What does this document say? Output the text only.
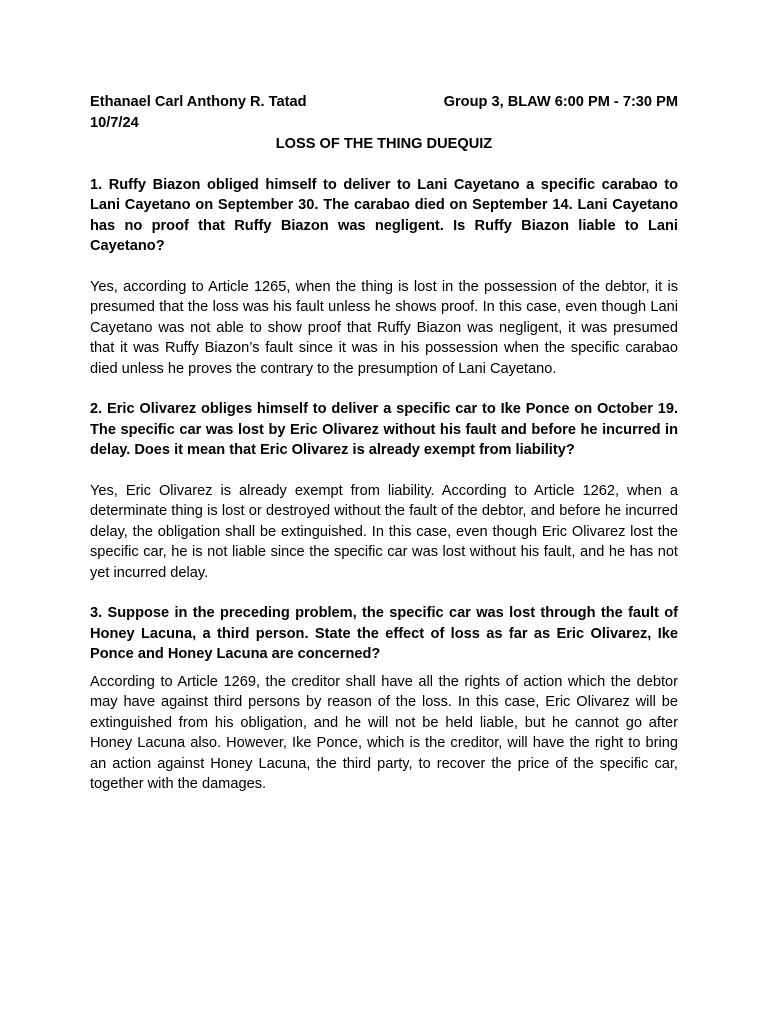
Ethanael Carl Anthony R. Tatad	Group 3, BLAW 6:00 PM - 7:30 PM
10/7/24
LOSS OF THE THING DUEQUIZ

1. Ruffy Biazon obliged himself to deliver to Lani Cayetano a specific carabao to Lani Cayetano on September 30. The carabao died on September 14. Lani Cayetano has no proof that Ruffy Biazon was negligent. Is Ruffy Biazon liable to Lani Cayetano?

Yes, according to Article 1265, when the thing is lost in the possession of the debtor, it is presumed that the loss was his fault unless he shows proof. In this case, even though Lani Cayetano was not able to show proof that Ruffy Biazon was negligent, it was presumed that it was Ruffy Biazon’s fault since it was in his possession when the specific carabao died unless he proves the contrary to the presumption of Lani Cayetano.

2. Eric Olivarez obliges himself to deliver a specific car to Ike Ponce on October 19. The specific car was lost by Eric Olivarez without his fault and before he incurred in delay. Does it mean that Eric Olivarez is already exempt from liability?

Yes, Eric Olivarez is already exempt from liability. According to Article 1262, when a determinate thing is lost or destroyed without the fault of the debtor, and before he incurred delay, the obligation shall be extinguished. In this case, even though Eric Olivarez lost the specific car, he is not liable since the specific car was lost without his fault, and he has not yet incurred delay.

3. Suppose in the preceding problem, the specific car was lost through the fault of Honey Lacuna, a third person. State the effect of loss as far as Eric Olivarez, Ike Ponce and Honey Lacuna are concerned?

According to Article 1269, the creditor shall have all the rights of action which the debtor may have against third persons by reason of the loss. In this case, Eric Olivarez will be extinguished from his obligation, and he will not be held liable, but he cannot go after Honey Lacuna also. However, Ike Ponce, which is the creditor, will have the right to bring an action against Honey Lacuna, the third party, to recover the price of the specific car, together with the damages.
